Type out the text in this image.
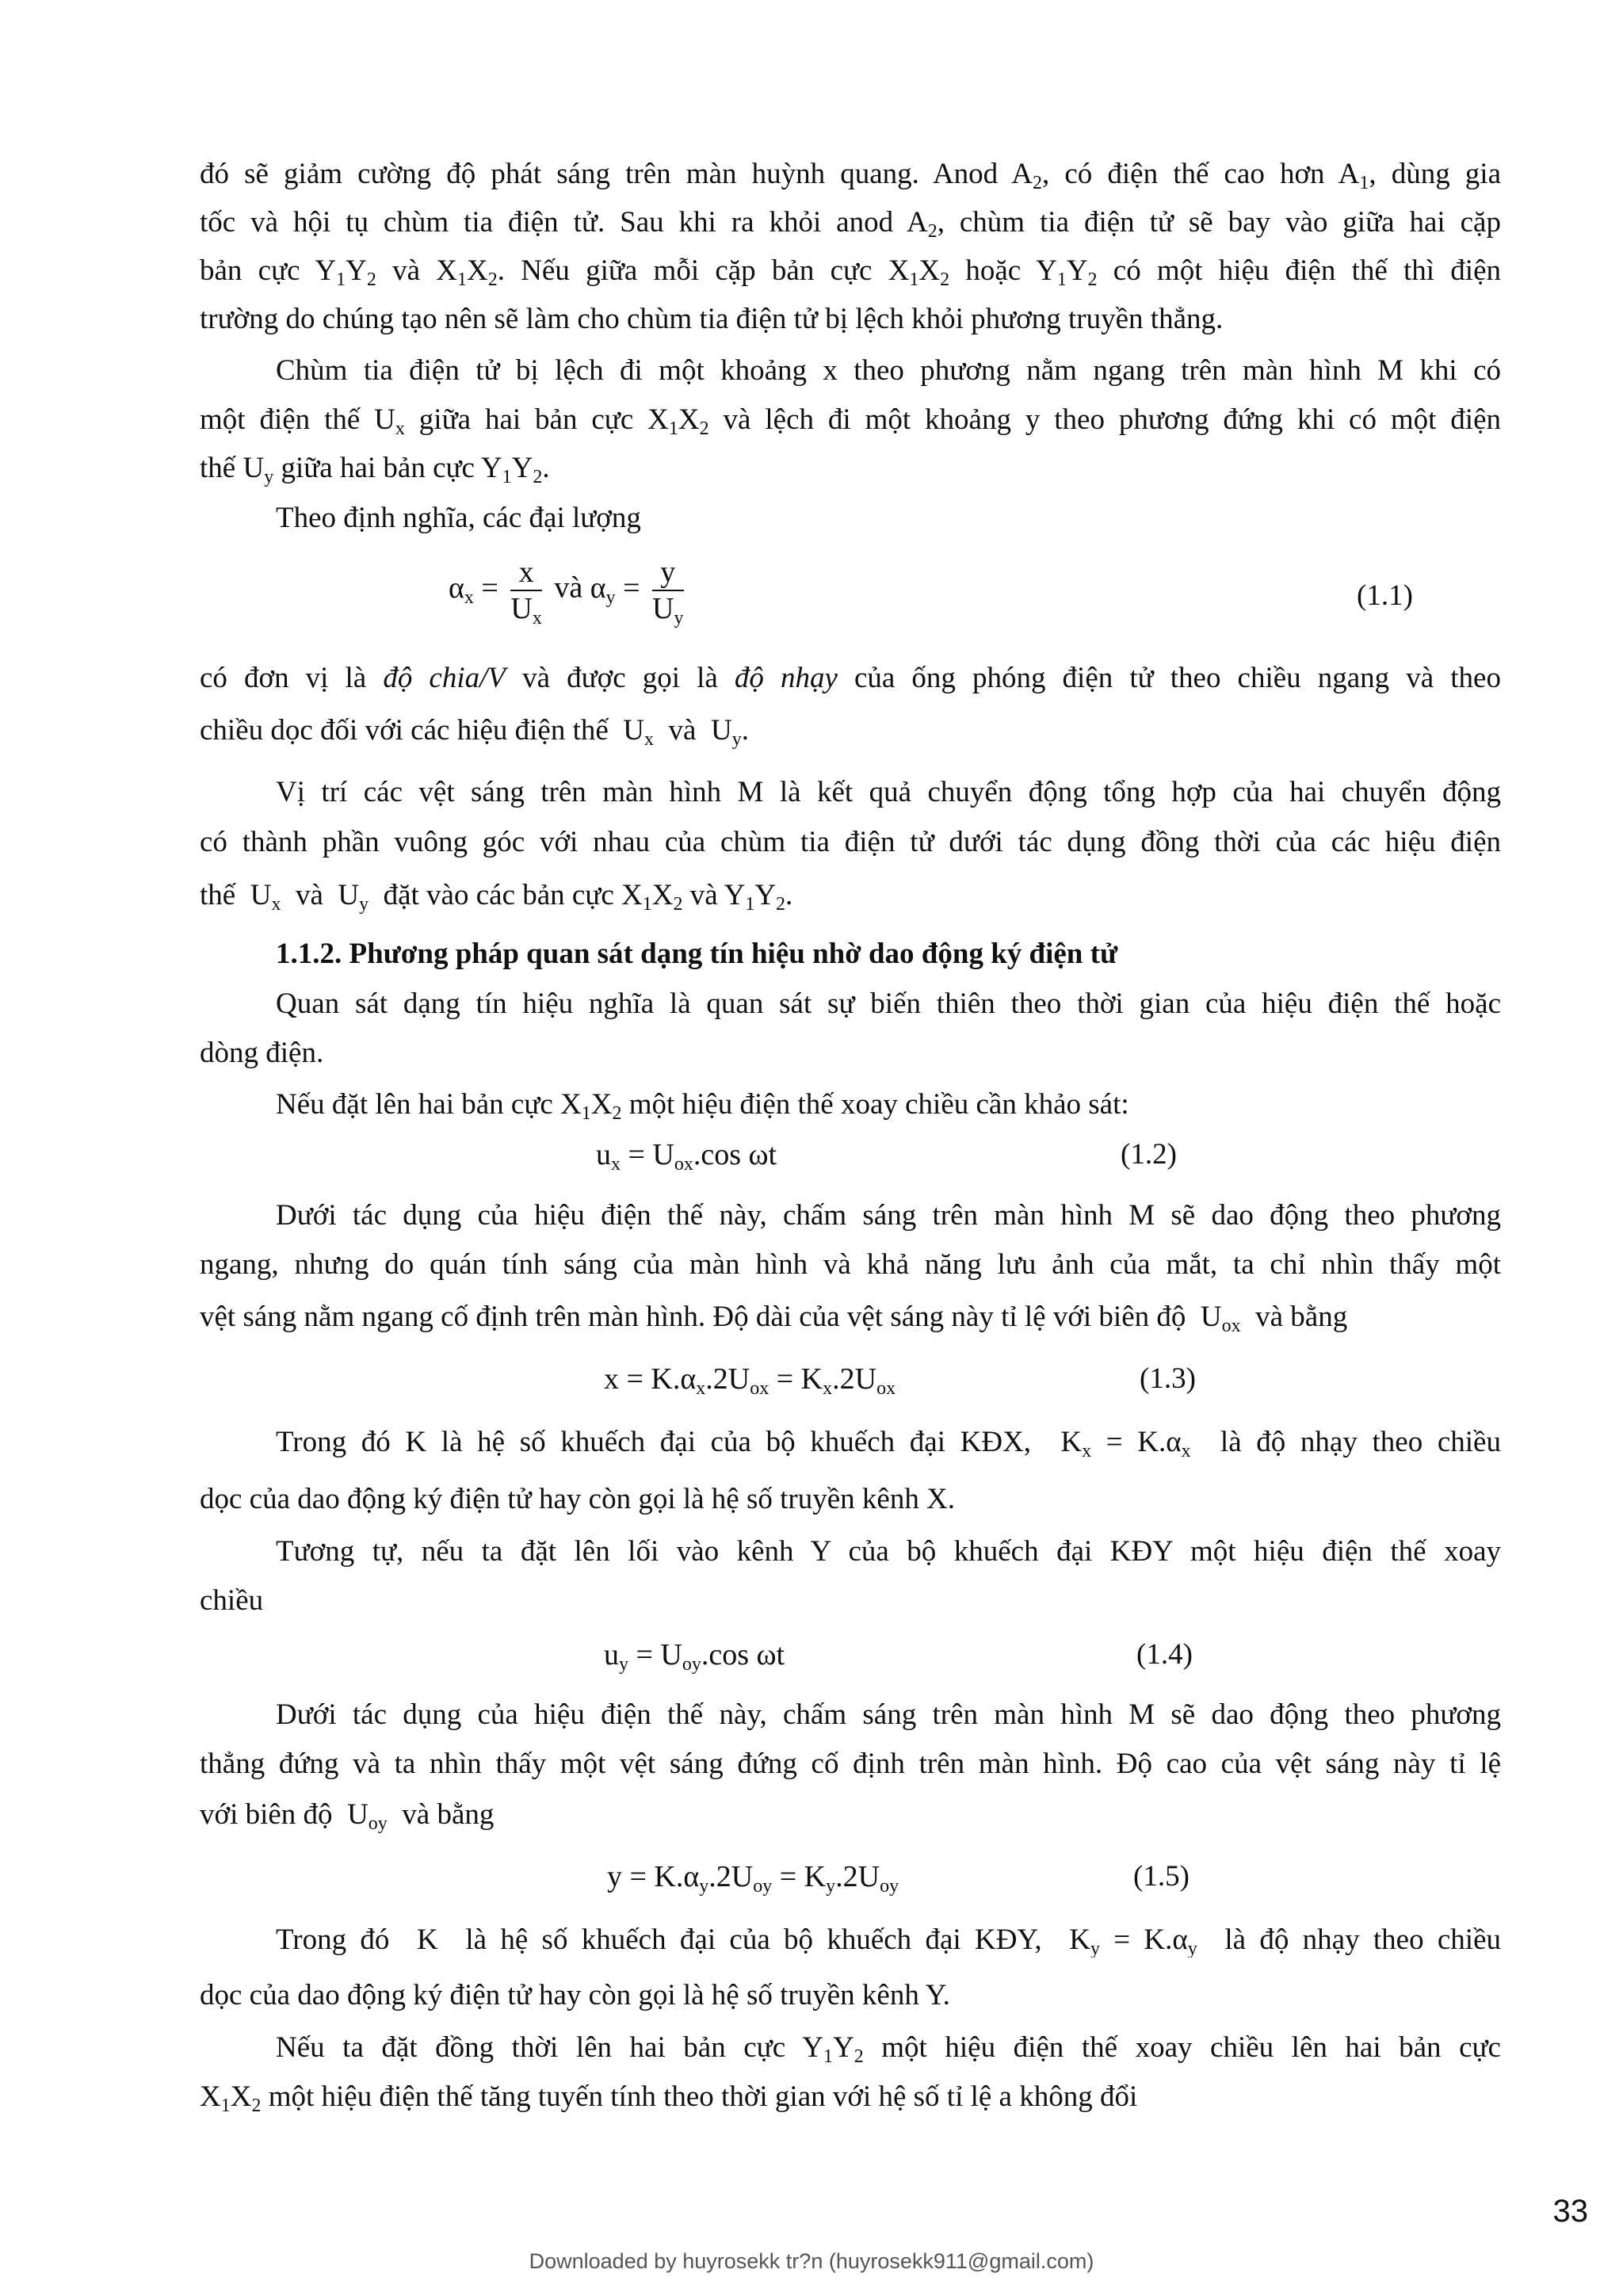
đó sẽ giảm cường độ phát sáng trên màn huỳnh quang. Anod $A_2$, có điện thế cao hơn $A_1$, dùng gia
tốc và hội tụ chùm tia điện tử. Sau khi ra khỏi anod $A_2$, chùm tia điện tử sẽ bay vào giữa hai cặp
bản cực $Y_1Y_2$ và $X_1X_2$. Nếu giữa mỗi cặp bản cực $X_1X_2$ hoặc $Y_1Y_2$ có một hiệu điện thế thì điện
trường do chúng tạo nên sẽ làm cho chùm tia điện tử bị lệch khỏi phương truyền thẳng.
Chùm tia điện tử bị lệch đi một khoảng x theo phương nằm ngang trên màn hình M khi có
một điện thế $U_x$ giữa hai bản cực $X_1X_2$ và lệch đi một khoảng y theo phương đứng khi có một điện
thế $U_y$ giữa hai bản cực $Y_1Y_2$.
Theo định nghĩa, các đại lượng
$\alpha_x = \frac{x}{U_x}$ và $\alpha_y = \frac{y}{U_y}$	(1.1)
có đơn vị là độ chia/V và được gọi là độ nhạy của ống phóng điện tử theo chiều ngang và theo
chiều dọc đối với các hiệu điện thế  $U_x$ và  $U_y$.
Vị trí các vệt sáng trên màn hình M là kết quả chuyển động tổng hợp của hai chuyển động
có thành phần vuông góc với nhau của chùm tia điện tử dưới tác dụng đồng thời của các hiệu điện
thế  $U_x$ và  $U_y$ đặt vào các bản cực $X_1X_2$ và $Y_1Y_2$.
1.1.2. Phương pháp quan sát dạng tín hiệu nhờ dao động ký điện tử
Quan sát dạng tín hiệu nghĩa là quan sát sự biến thiên theo thời gian của hiệu điện thế hoặc
dòng điện.
Nếu đặt lên hai bản cực $X_1X_2$ một hiệu điện thế xoay chiều cần khảo sát:
$u_x = U_{ox}.\cos$ ωt	(1.2)
Dưới tác dụng của hiệu điện thế này, chấm sáng trên màn hình M sẽ dao động theo phương
ngang, nhưng do quán tính sáng của màn hình và khả năng lưu ảnh của mắt, ta chỉ nhìn thấy một
vệt sáng nằm ngang cố định trên màn hình. Độ dài của vệt sáng này tỉ lệ với biên độ  $U_{ox}$ và bằng
$x = K.\alpha_x.2U_{ox} = K_x.2U_{ox}$	(1.3)
Trong đó K là hệ số khuếch đại của bộ khuếch đại KĐX,  $K_x = K.\alpha_x$ là độ nhạy theo chiều
dọc của dao động ký điện tử hay còn gọi là hệ số truyền kênh X.
Tương tự, nếu ta đặt lên lối vào kênh Y của bộ khuếch đại KĐY một hiệu điện thế xoay
chiều
$u_y = U_{oy}.\cos$ ωt	(1.4)
Dưới tác dụng của hiệu điện thế này, chấm sáng trên màn hình M sẽ dao động theo phương
thẳng đứng và ta nhìn thấy một vệt sáng đứng cố định trên màn hình. Độ cao của vệt sáng này tỉ lệ
với biên độ  $U_{oy}$ và bằng
$y = K.\alpha_y.2U_{oy} = K_y.2U_{oy}$	(1.5)
Trong đó K là hệ số khuếch đại của bộ khuếch đại KĐY,  $K_y = K.\alpha_y$ là độ nhạy theo chiều
dọc của dao động ký điện tử hay còn gọi là hệ số truyền kênh Y.
Nếu ta đặt đồng thời lên hai bản cực $Y_1Y_2$ một hiệu điện thế xoay chiều lên hai bản cực
$X_1X_2$ một hiệu điện thế tăng tuyến tính theo thời gian với hệ số tỉ lệ a không đổi
33
Downloaded by huyrosekk tr?n (huyrosekk911@gmail.com)
